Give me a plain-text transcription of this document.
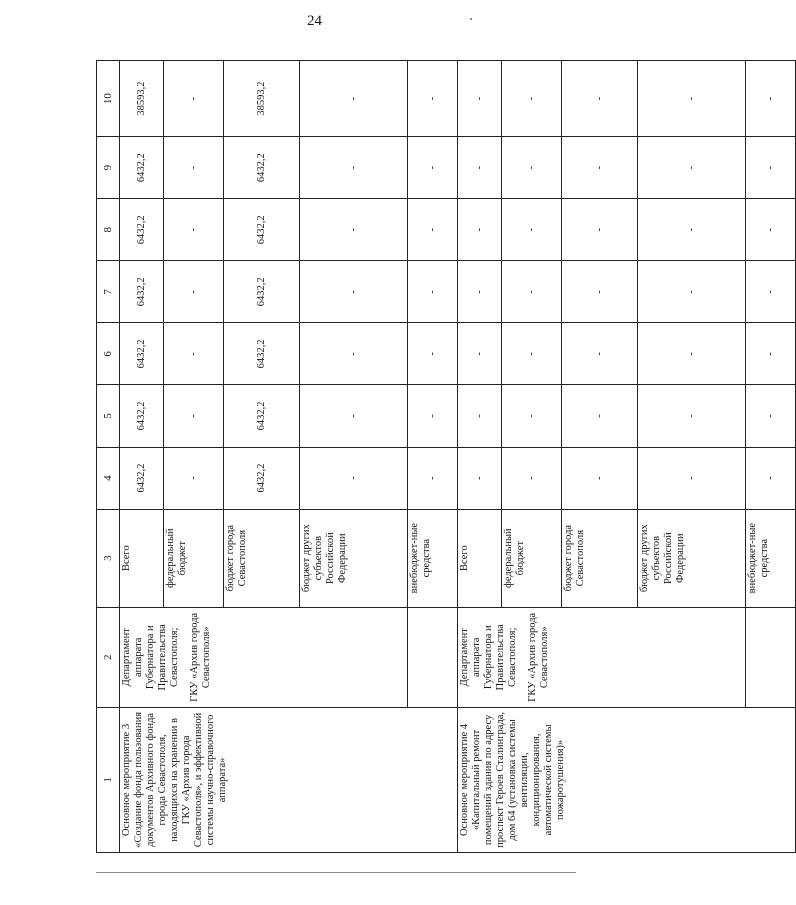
24
1	2	3	4	5	6	7	8	9	10
Основное мероприятие 3 «Создание фонда пользования документов Архивного фонда города Севастополя, находящихся на хранении в ГКУ «Архив города Севастополя», и эффективной системы научно-справочного аппарата»	Департамент аппарата Губернатора и Правительства Севастополя; ГКУ «Архив города Севастополя»	Всего	6432,2	6432,2	6432,2	6432,2	6432,2	6432,2	38593,2
		федеральный бюджет	-	-	-	-	-	-	-
		бюджет города Севастополя	6432,2	6432,2	6432,2	6432,2	6432,2	6432,2	38593,2
		бюджет других субъектов Российской Федерации	-	-	-	-	-	-	-
		внебюджет-ные средства	-	-	-	-	-	-	-
Основное мероприятие 4 «Капитальный ремонт помещений здания по адресу проспект Героев Сталинграда, дом 64 (установка системы вентиляции, кондиционирования, автоматической системы пожаротушения)»	Департамент аппарата Губернатора и Правительства Севастополя; ГКУ «Архив города Севастополя»	Всего	-	-	-	-	-	-	-
		федеральный бюджет	-	-	-	-	-	-	-
		бюджет города Севастополя	-	-	-	-	-	-	-
		бюджет других субъектов Российской Федерации	-	-	-	-	-	-	-
		внебюджет-ные средства	-	-	-	-	-	-	-
